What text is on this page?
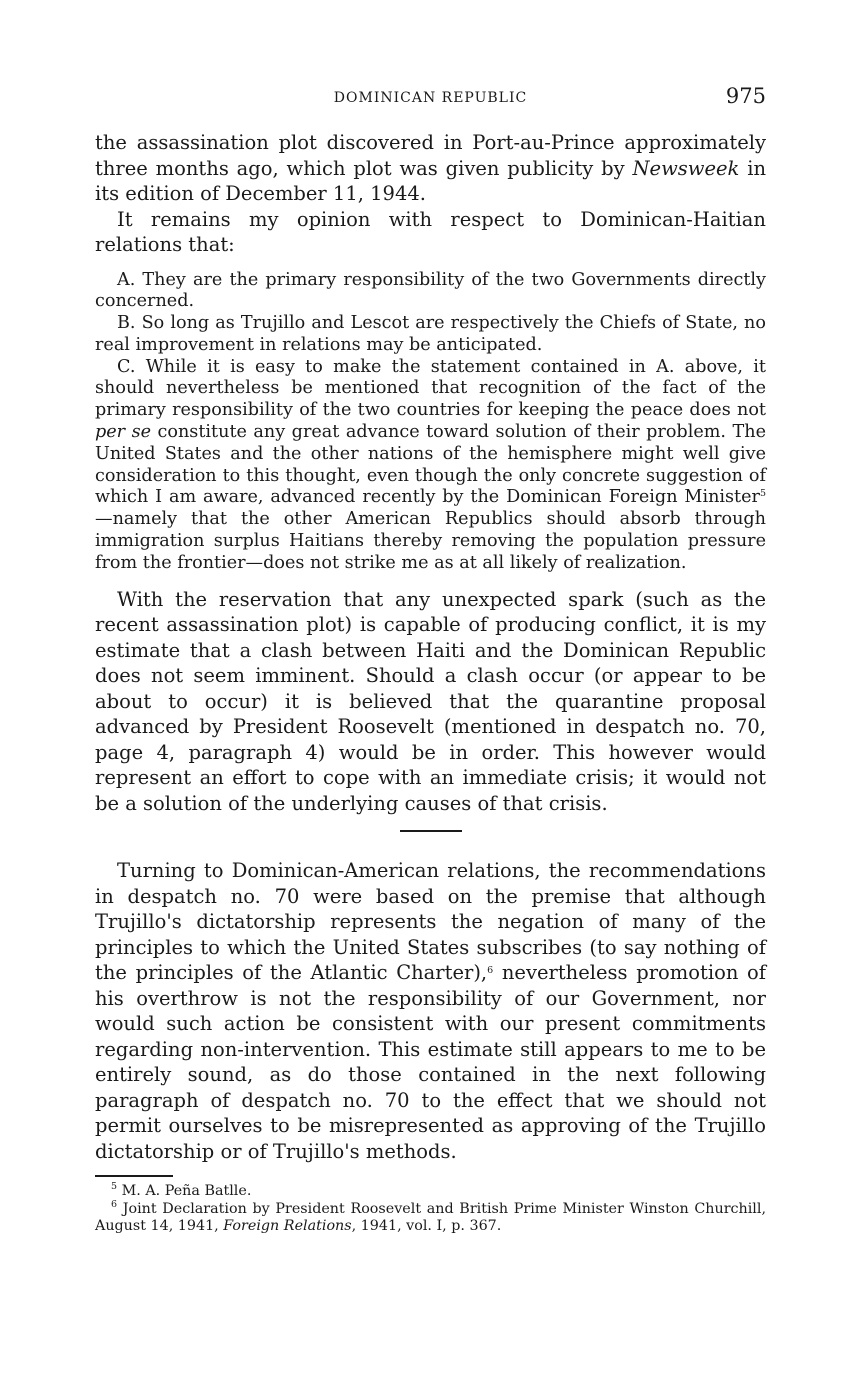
DOMINICAN REPUBLIC	975

the assassination plot discovered in Port-au-Prince approximately three months ago, which plot was given publicity by Newsweek in its edition of December 11, 1944.

It remains my opinion with respect to Dominican-Haitian relations that:

A. They are the primary responsibility of the two Governments directly concerned.

B. So long as Trujillo and Lescot are respectively the Chiefs of State, no real improvement in relations may be anticipated.

C. While it is easy to make the statement contained in A. above, it should nevertheless be mentioned that recognition of the fact of the primary responsibility of the two countries for keeping the peace does not per se constitute any great advance toward solution of their problem. The United States and the other nations of the hemisphere might well give consideration to this thought, even though the only concrete suggestion of which I am aware, advanced recently by the Dominican Foreign Minister$^5$—namely that the other American Republics should absorb through immigration surplus Haitians thereby removing the population pressure from the frontier—does not strike me as at all likely of realization.

With the reservation that any unexpected spark (such as the recent assassination plot) is capable of producing conflict, it is my estimate that a clash between Haiti and the Dominican Republic does not seem imminent. Should a clash occur (or appear to be about to occur) it is believed that the quarantine proposal advanced by President Roosevelt (mentioned in despatch no. 70, page 4, paragraph 4) would be in order. This however would represent an effort to cope with an immediate crisis; it would not be a solution of the underlying causes of that crisis.

Turning to Dominican-American relations, the recommendations in despatch no. 70 were based on the premise that although Trujillo's dictatorship represents the negation of many of the principles to which the United States subscribes (to say nothing of the principles of the Atlantic Charter),$^6$ nevertheless promotion of his overthrow is not the responsibility of our Government, nor would such action be consistent with our present commitments regarding non-intervention. This estimate still appears to me to be entirely sound, as do those contained in the next following paragraph of despatch no. 70 to the effect that we should not permit ourselves to be misrepresented as approving of the Trujillo dictatorship or of Trujillo's methods.

$^5$ M. A. Peña Batlle.

$^6$ Joint Declaration by President Roosevelt and British Prime Minister Winston Churchill, August 14, 1941, Foreign Relations, 1941, vol. I, p. 367.
